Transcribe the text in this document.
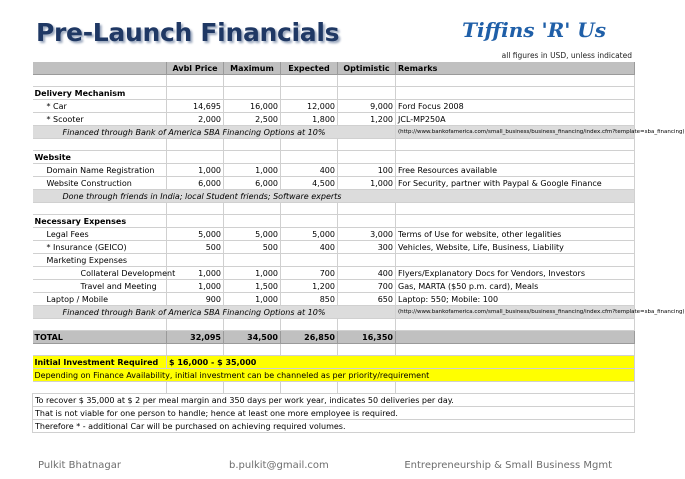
Pre-Launch Financials	Tiffins 'R' Us
all figures in USD, unless indicated
	Avbl Price	Maximum	Expected	Optimistic	Remarks

Delivery Mechanism					
* Car	14,695	16,000	12,000	9,000	Ford Focus 2008
* Scooter	2,000	2,500	1,800	1,200	JCL-MP250A
Financed through Bank of America SBA Financing Options at 10%					(http://www.bankofamerica.com/small_business/business_financing/index.cfm?template=sba_financing)

Website					
Domain Name Registration	1,000	1,000	400	100	Free Resources available
Website Construction	6,000	6,000	4,500	1,000	For Security, partner with Paypal & Google Finance
Done through friends in India; local Student friends; Software experts					

Necessary Expenses					
Legal Fees	5,000	5,000	5,000	3,000	Terms of Use for website, other legalities
* Insurance (GEICO)	500	500	400	300	Vehicles, Website, Life, Business, Liability
Marketing Expenses					
Collateral Development	1,000	1,000	700	400	Flyers/Explanatory Docs for Vendors, Investors
Travel and Meeting	1,000	1,500	1,200	700	Gas, MARTA ($50 p.m. card), Meals
Laptop / Mobile	900	1,000	850	650	Laptop: 550; Mobile: 100
Financed through Bank of America SBA Financing Options at 10%					(http://www.bankofamerica.com/small_business/business_financing/index.cfm?template=sba_financing)

TOTAL	32,095	34,500	26,850	16,350	

Initial Investment Required	$ 16,000 - $ 35,000				
Depending on Finance Availability, initial investment can be channeled as per priority/requirement					

To recover $ 35,000 at $ 2 per meal margin and 350 days per work year, indicates 50 deliveries per day.					
That is not viable for one person to handle; hence at least one more employee is required.					
Therefore * - additional Car will be purchased on achieving required volumes.					
Pulkit Bhatnagar	b.pulkit@gmail.com	Entrepreneurship & Small Business Mgmt
